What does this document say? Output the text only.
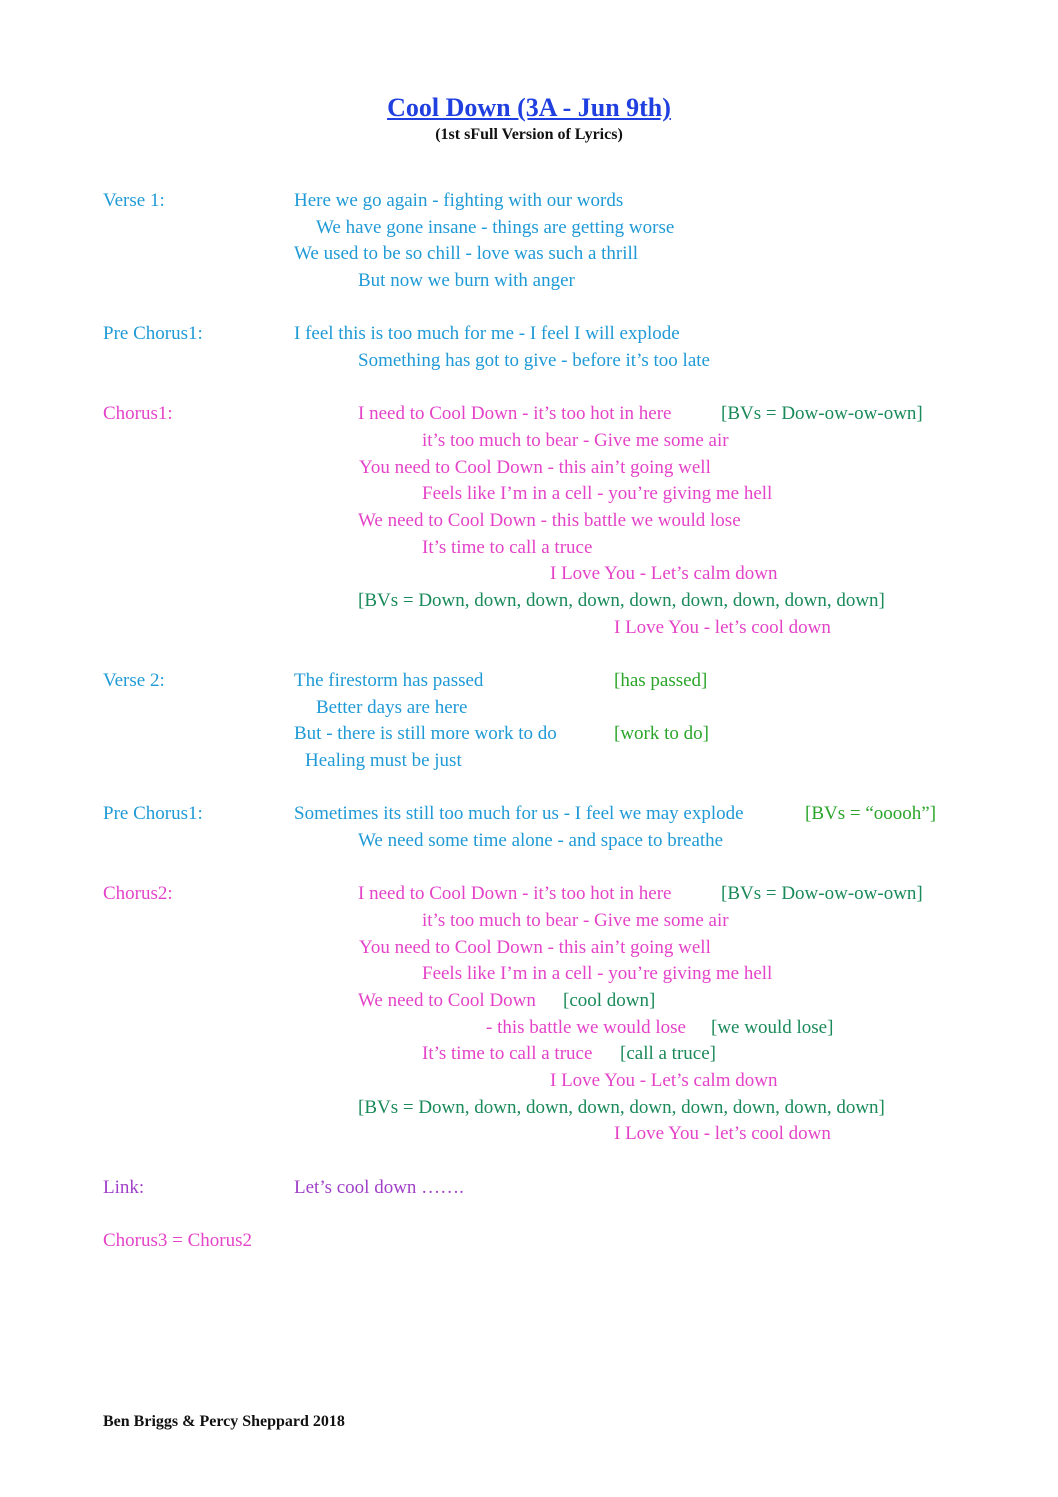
Cool Down (3A - Jun 9th)
(1st sFull Version of Lyrics)
Verse 1:	Here we go again - fighting with our words
We have gone insane - things are getting worse
We used to be so chill - love was such a thrill
But now we burn with anger
Pre Chorus1:	I feel this is too much for me - I feel I will explode
Something has got to give - before it’s too late
Chorus1:	I need to Cool Down - it’s too hot in here	[BVs = Dow-ow-ow-own]
it’s too much to bear - Give me some air
You need to Cool Down - this ain’t going well
Feels like I’m in a cell - you’re giving me hell
We need to Cool Down - this battle we would lose
It’s time to call a truce
I Love You - Let’s calm down
[BVs = Down, down, down, down, down, down, down, down, down]
I Love You - let’s cool down
Verse 2:	The firestorm has passed	[has passed]
Better days are here
But - there is still more work to do	[work to do]
Healing must be just
Pre Chorus1:	Sometimes its still too much for us - I feel we may explode	[BVs = “ooooh”]
We need some time alone - and space to breathe
Chorus2:	I need to Cool Down - it’s too hot in here	[BVs = Dow-ow-ow-own]
it’s too much to bear - Give me some air
You need to Cool Down - this ain’t going well
Feels like I’m in a cell - you’re giving me hell
We need to Cool Down [cool down]
- this battle we would lose [we would lose]
It’s time to call a truce [call a truce]
I Love You - Let’s calm down
[BVs = Down, down, down, down, down, down, down, down, down]
I Love You - let’s cool down
Link:	Let’s cool down …….
Chorus3 = Chorus2
Ben Briggs & Percy Sheppard 2018
